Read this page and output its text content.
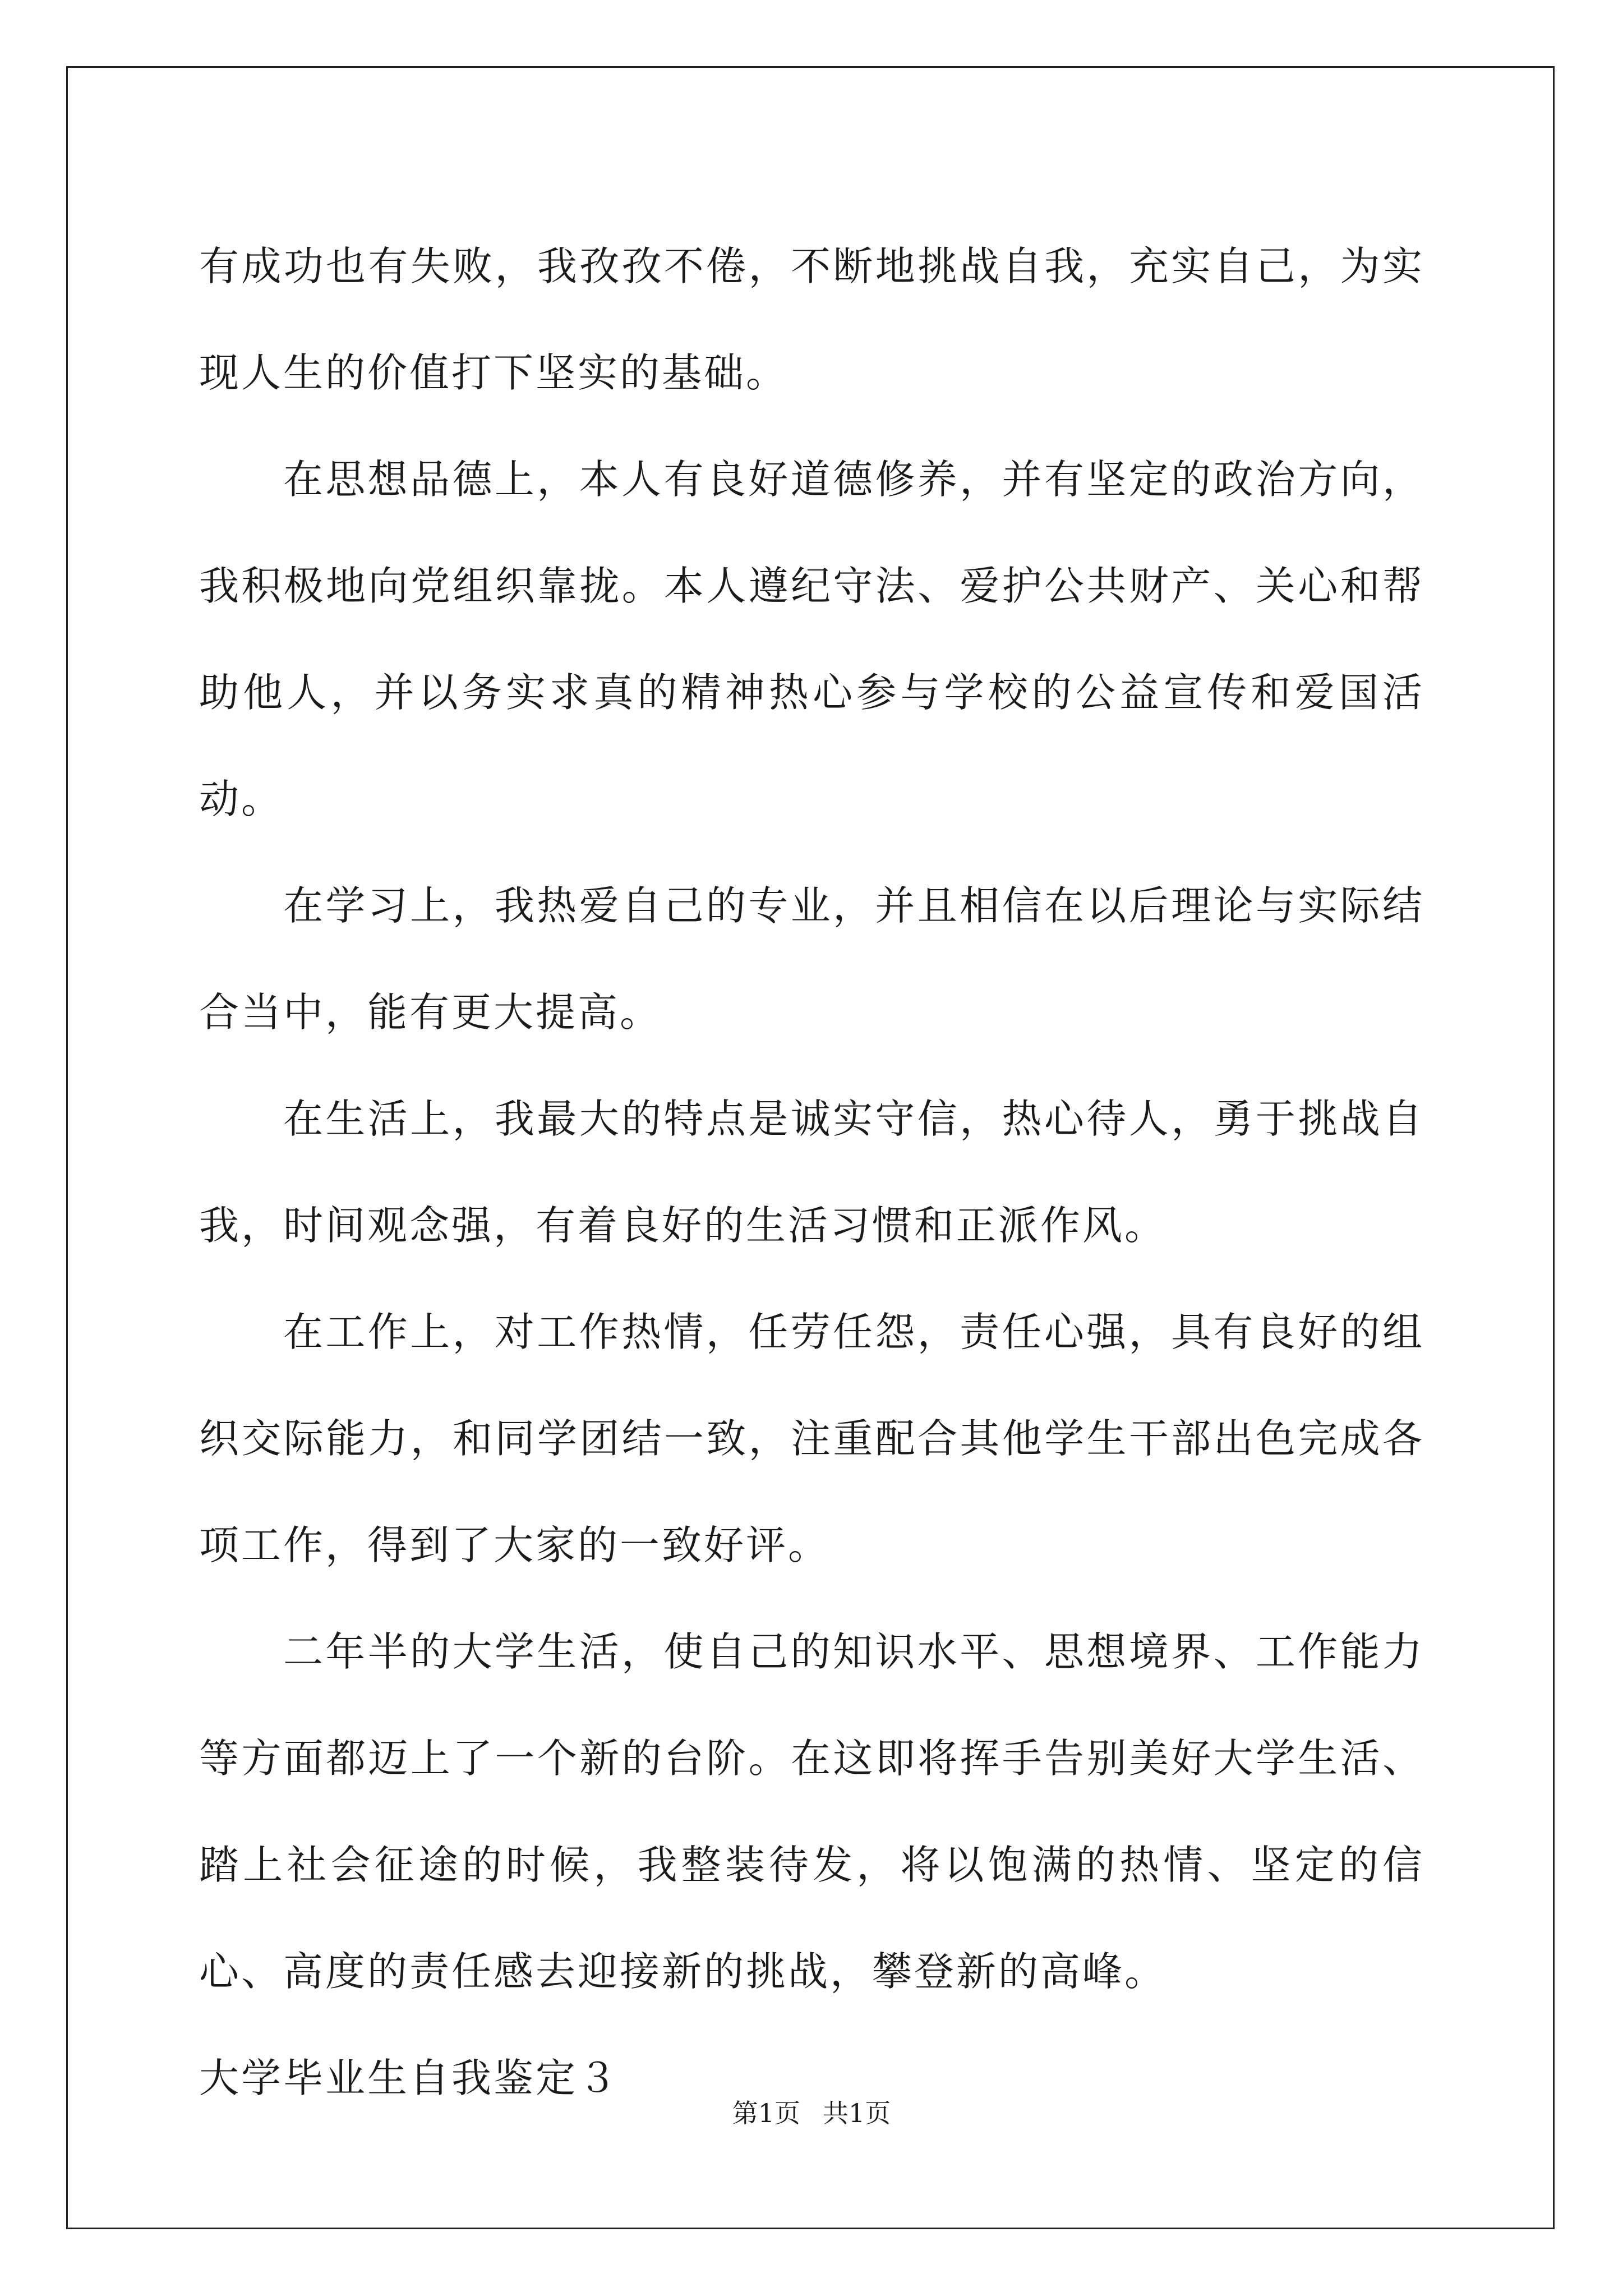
有成功也有失败，我孜孜不倦，不断地挑战自我，充实自己，为实现人生的价值打下坚实的基础。

在思想品德上，本人有良好道德修养，并有坚定的政治方向，我积极地向党组织靠拢。本人遵纪守法、爱护公共财产、关心和帮助他人，并以务实求真的精神热心参与学校的公益宣传和爱国活动。

在学习上，我热爱自己的专业，并且相信在以后理论与实际结合当中，能有更大提高。

在生活上，我最大的特点是诚实守信，热心待人，勇于挑战自我，时间观念强，有着良好的生活习惯和正派作风。

在工作上，对工作热情，任劳任怨，责任心强，具有良好的组织交际能力，和同学团结一致，注重配合其他学生干部出色完成各项工作，得到了大家的一致好评。

二年半的大学生活，使自己的知识水平、思想境界、工作能力等方面都迈上了一个新的台阶。在这即将挥手告别美好大学生活、踏上社会征途的时候，我整装待发，将以饱满的热情、坚定的信心、高度的责任感去迎接新的挑战，攀登新的高峰。

大学毕业生自我鉴定３

第1页 共1页
